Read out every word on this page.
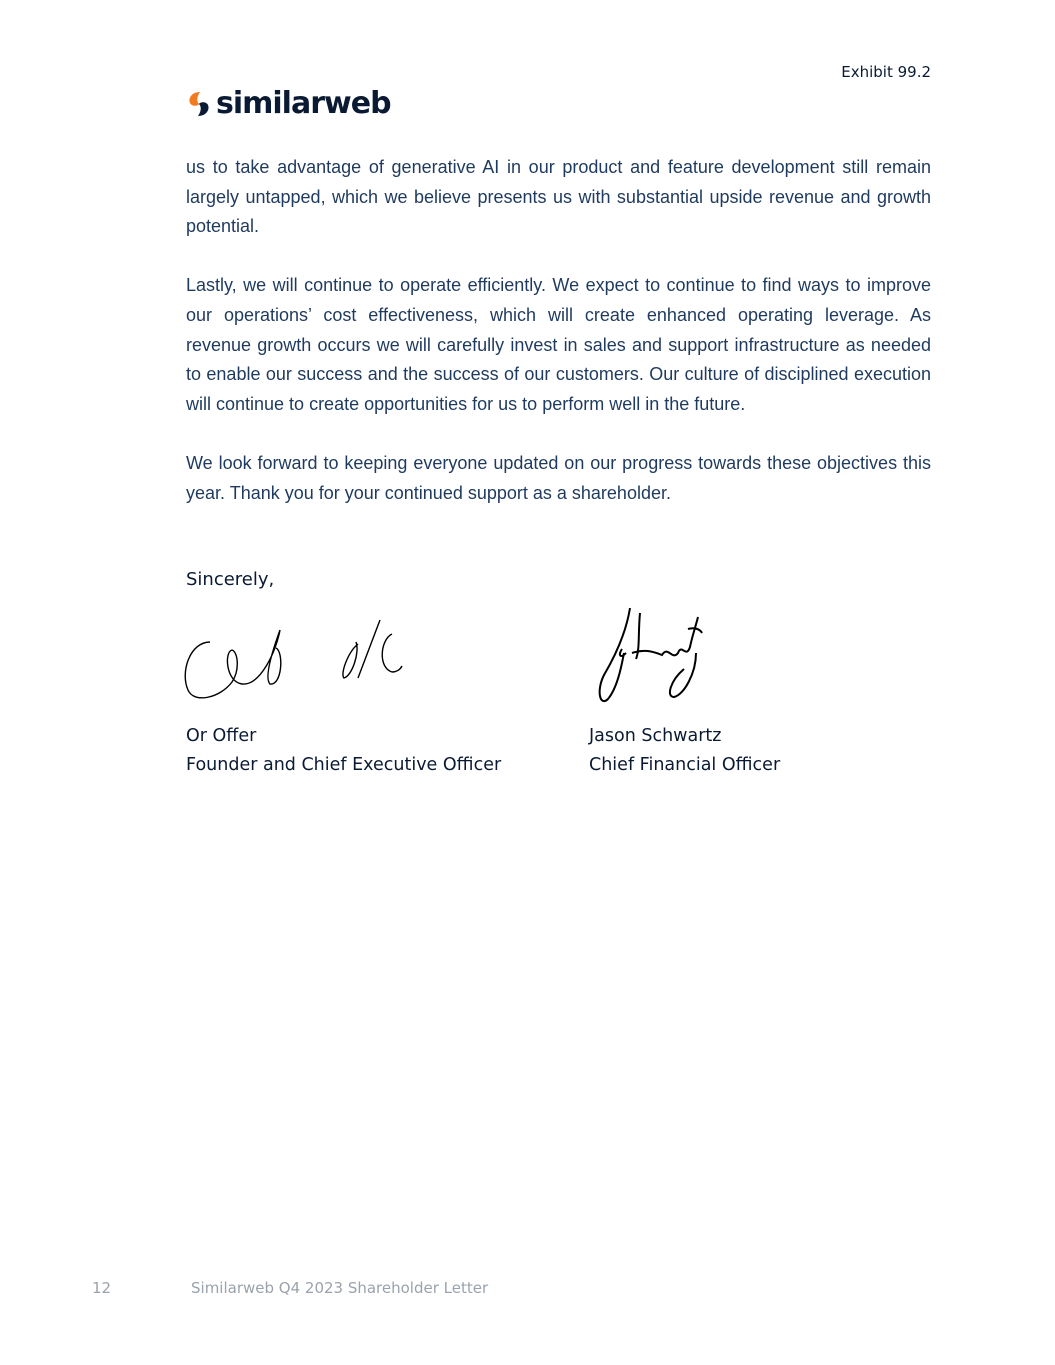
Exhibit 99.2
similarweb

us to take advantage of generative AI in our product and feature development still remain largely untapped, which we believe presents us with substantial upside revenue and growth potential.

Lastly, we will continue to operate efficiently. We expect to continue to find ways to improve our operations’ cost effectiveness, which will create enhanced operating leverage. As revenue growth occurs we will carefully invest in sales and support infrastructure as needed to enable our success and the success of our customers. Our culture of disciplined execution will continue to create opportunities for us to perform well in the future.

We look forward to keeping everyone updated on our progress towards these objectives this year. Thank you for your continued support as a shareholder.

Sincerely,
Or Offer
Founder and Chief Executive Officer
Jason Schwartz
Chief Financial Officer
12	Similarweb Q4 2023 Shareholder Letter
